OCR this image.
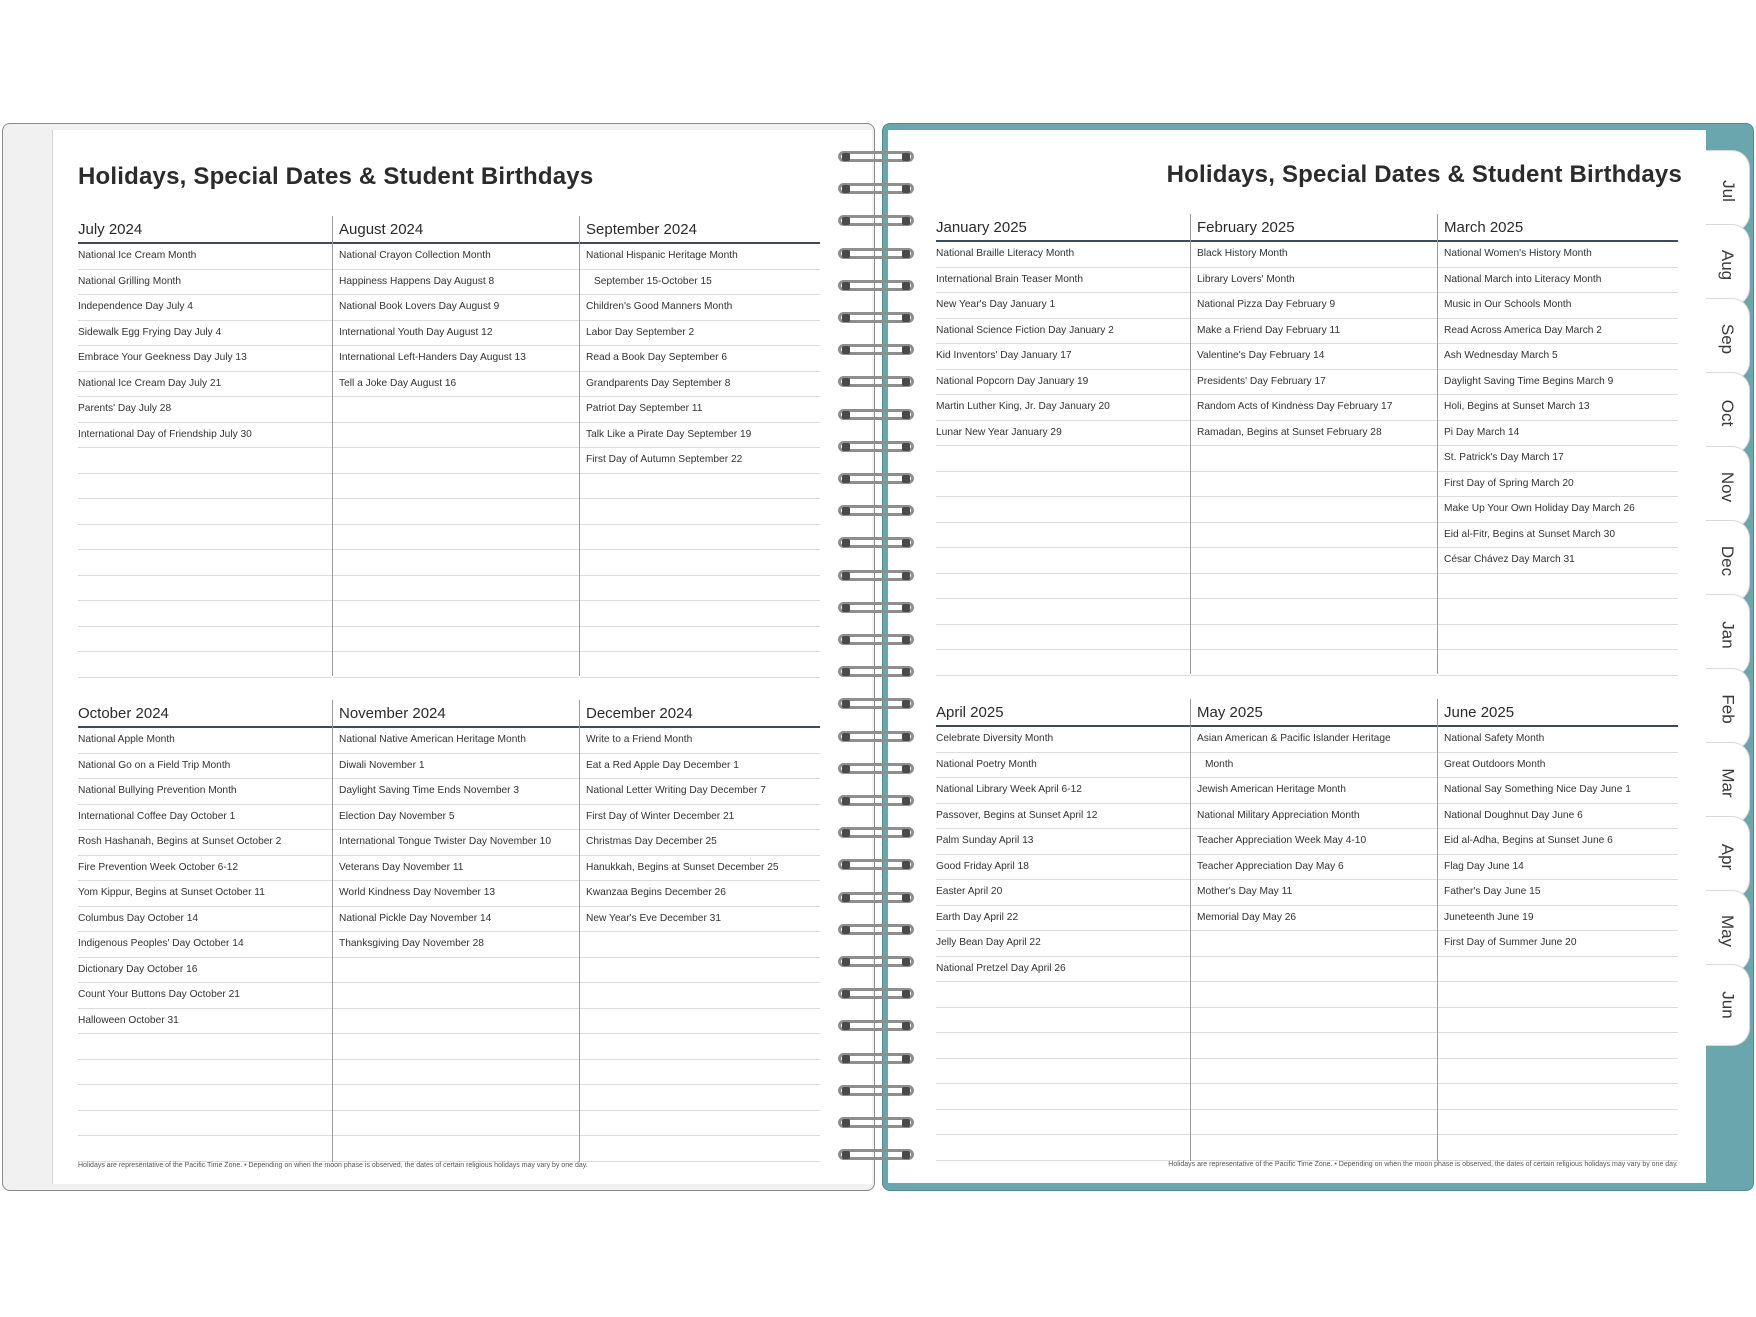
Jul
Aug
Sep
Oct
Nov
Dec
Jan
Feb
Mar
Apr
May
Jun
Holidays, Special Dates & Student Birthdays	Holidays, Special Dates & Student Birthdays
July 2024
National Ice Cream Month
National Grilling Month
Independence Day July 4
Sidewalk Egg Frying Day July 4
Embrace Your Geekness Day July 13
National Ice Cream Day July 21
Parents' Day July 28
International Day of Friendship July 30
August 2024
National Crayon Collection Month
Happiness Happens Day August 8
National Book Lovers Day August 9
International Youth Day August 12
International Left-Handers Day August 13
Tell a Joke Day August 16
September 2024
National Hispanic Heritage Month
September 15-October 15
Children's Good Manners Month
Labor Day September 2
Read a Book Day September 6
Grandparents Day September 8
Patriot Day September 11
Talk Like a Pirate Day September 19
First Day of Autumn September 22
October 2024
National Apple Month
National Go on a Field Trip Month
National Bullying Prevention Month
International Coffee Day October 1
Rosh Hashanah, Begins at Sunset October 2
Fire Prevention Week October 6-12
Yom Kippur, Begins at Sunset October 11
Columbus Day October 14
Indigenous Peoples' Day October 14
Dictionary Day October 16
Count Your Buttons Day October 21
Halloween October 31
November 2024
National Native American Heritage Month
Diwali November 1
Daylight Saving Time Ends November 3
Election Day November 5
International Tongue Twister Day November 10
Veterans Day November 11
World Kindness Day November 13
National Pickle Day November 14
Thanksgiving Day November 28
December 2024
Write to a Friend Month
Eat a Red Apple Day December 1
National Letter Writing Day December 7
First Day of Winter December 21
Christmas Day December 25
Hanukkah, Begins at Sunset December 25
Kwanzaa Begins December 26
New Year's Eve December 31
January 2025
National Braille Literacy Month
International Brain Teaser Month
New Year's Day January 1
National Science Fiction Day January 2
Kid Inventors' Day January 17
National Popcorn Day January 19
Martin Luther King, Jr. Day January 20
Lunar New Year January 29
February 2025
Black History Month
Library Lovers' Month
National Pizza Day February 9
Make a Friend Day February 11
Valentine's Day February 14
Presidents' Day February 17
Random Acts of Kindness Day February 17
Ramadan, Begins at Sunset February 28
March 2025
National Women's History Month
National March into Literacy Month
Music in Our Schools Month
Read Across America Day March 2
Ash Wednesday March 5
Daylight Saving Time Begins March 9
Holi, Begins at Sunset March 13
Pi Day March 14
St. Patrick's Day March 17
First Day of Spring March 20
Make Up Your Own Holiday Day March 26
Eid al-Fitr, Begins at Sunset March 30
César Chávez Day March 31
April 2025
Celebrate Diversity Month
National Poetry Month
National Library Week April 6-12
Passover, Begins at Sunset April 12
Palm Sunday April 13
Good Friday April 18
Easter April 20
Earth Day April 22
Jelly Bean Day April 22
National Pretzel Day April 26
May 2025
Asian American & Pacific Islander Heritage
Month
Jewish American Heritage Month
National Military Appreciation Month
Teacher Appreciation Week May 4-10
Teacher Appreciation Day May 6
Mother's Day May 11
Memorial Day May 26
June 2025
National Safety Month
Great Outdoors Month
National Say Something Nice Day June 1
National Doughnut Day June 6
Eid al-Adha, Begins at Sunset June 6
Flag Day June 14
Father's Day June 15
Juneteenth June 19
First Day of Summer June 20
Holidays are representative of the Pacific Time Zone. • Depending on when the moon phase is observed, the dates of certain religious holidays may vary by one day.	Holidays are representative of the Pacific Time Zone. • Depending on when the moon phase is observed, the dates of certain religious holidays may vary by one day.
